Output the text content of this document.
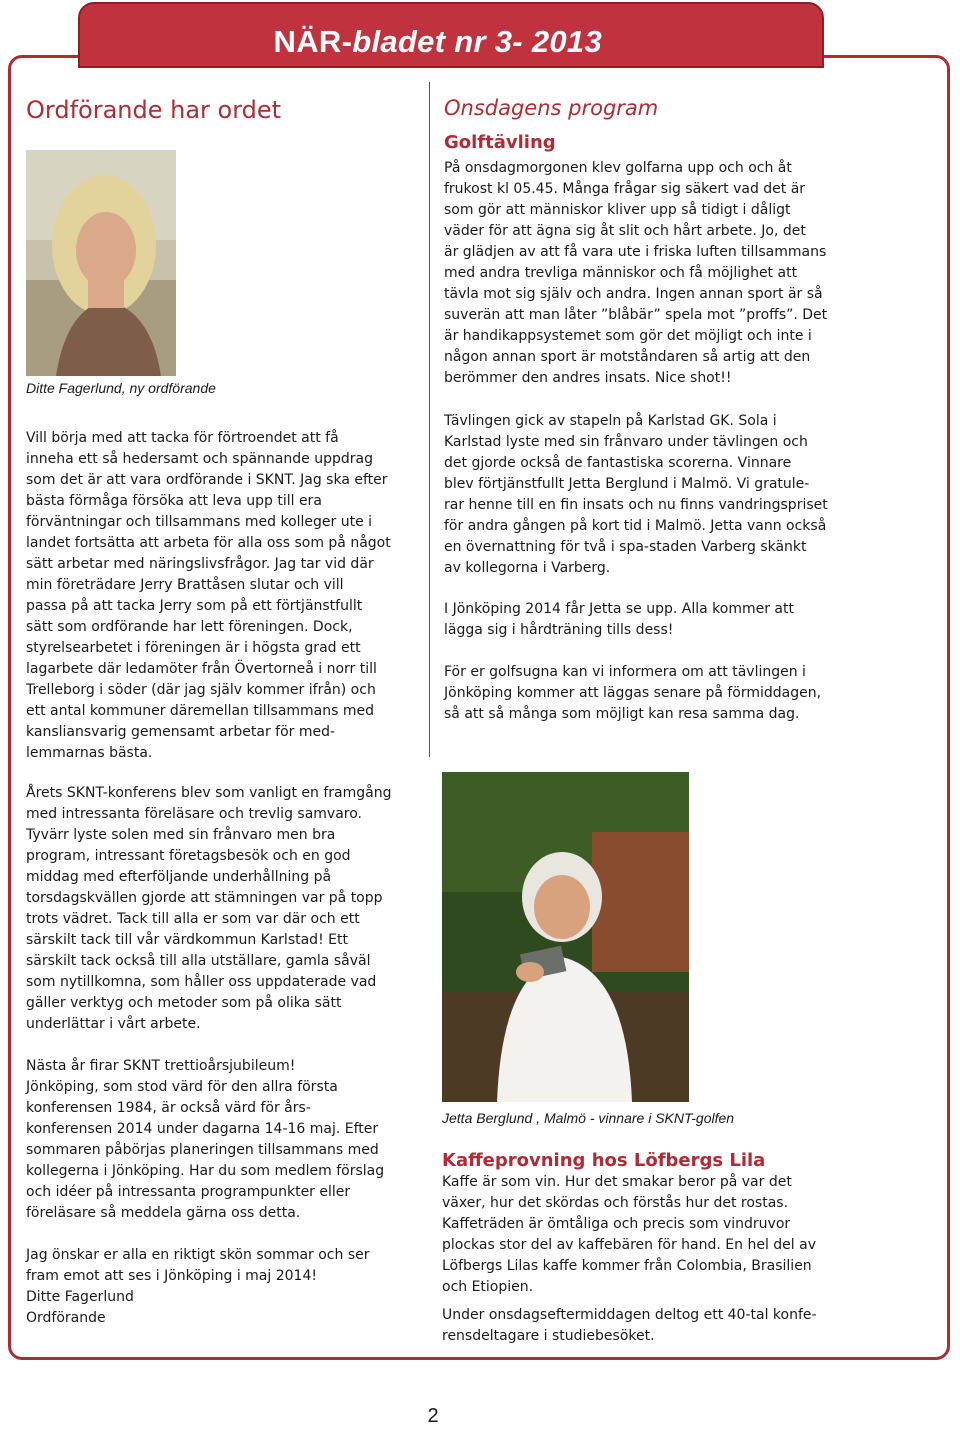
NÄR-bladet nr 3- 2013
Ordförande har ordet
Ditte Fagerlund, ny ordförande
Vill börja med att tacka för förtroendet att få
inneha ett så hedersamt och spännande uppdrag
som det är att vara ordförande i SKNT. Jag ska efter
bästa förmåga försöka att leva upp till era
förväntningar och tillsammans med kolleger ute i
landet fortsätta att arbeta för alla oss som på något
sätt arbetar med näringslivsfrågor. Jag tar vid där
min företrädare Jerry Brattåsen slutar och vill
passa på att tacka Jerry som på ett förtjänstfullt
sätt som ordförande har lett föreningen. Dock,
styrelsearbetet i föreningen är i högsta grad ett
lagarbete där ledamöter från Övertorneå i norr till
Trelleborg i söder (där jag själv kommer ifrån) och
ett antal kommuner däremellan tillsammans med
kansliansvarig gemensamt arbetar för med-
lemmarnas bästa.
Årets SKNT-konferens blev som vanligt en framgång
med intressanta föreläsare och trevlig samvaro.
Tyvärr lyste solen med sin frånvaro men bra
program, intressant företagsbesök och en god
middag med efterföljande underhållning på
torsdagskvällen gjorde att stämningen var på topp
trots vädret. Tack till alla er som var där och ett
särskilt tack till vår värdkommun Karlstad! Ett
särskilt tack också till alla utställare, gamla såväl
som nytillkomna, som håller oss uppdaterade vad
gäller verktyg och metoder som på olika sätt
underlättar i vårt arbete.
Nästa år firar SKNT trettioårsjubileum!
Jönköping, som stod värd för den allra första
konferensen 1984, är också värd för års-
konferensen 2014 under dagarna 14-16 maj. Efter
sommaren påbörjas planeringen tillsammans med
kollegerna i Jönköping. Har du som medlem förslag
och idéer på intressanta programpunkter eller
föreläsare så meddela gärna oss detta.
Jag önskar er alla en riktigt skön sommar och ser
fram emot att ses i Jönköping i maj 2014!
Ditte Fagerlund
Ordförande
Onsdagens program
Golftävling
På onsdagmorgonen klev golfarna upp och och åt
frukost kl 05.45. Många frågar sig säkert vad det är
som gör att människor kliver upp så tidigt i dåligt
väder för att ägna sig åt slit och hårt arbete. Jo, det
är glädjen av att få vara ute i friska luften tillsammans
med andra trevliga människor och få möjlighet att
tävla mot sig själv och andra. Ingen annan sport är så
suverän att man låter ”blåbär” spela mot ”proffs”. Det
är handikappsystemet som gör det möjligt och inte i
någon annan sport är motståndaren så artig att den
berömmer den andres insats. Nice shot!!
Tävlingen gick av stapeln på Karlstad GK. Sola i
Karlstad lyste med sin frånvaro under tävlingen och
det gjorde också de fantastiska scorerna. Vinnare
blev förtjänstfullt Jetta Berglund i Malmö. Vi gratule-
rar henne till en fin insats och nu finns vandringspriset
för andra gången på kort tid i Malmö. Jetta vann också
en övernattning för två i spa-staden Varberg skänkt
av kollegorna i Varberg.
I Jönköping 2014 får Jetta se upp. Alla kommer att
lägga sig i hårdträning tills dess!
För er golfsugna kan vi informera om att tävlingen i
Jönköping kommer att läggas senare på förmiddagen,
så att så många som möjligt kan resa samma dag.
Jetta Berglund , Malmö - vinnare i SKNT-golfen
Kaffeprovning hos Löfbergs Lila
Kaffe är som vin. Hur det smakar beror på var det
växer, hur det skördas och förstås hur det rostas.
Kaffeträden är ömtåliga och precis som vindruvor
plockas stor del av kaffebären för hand. En hel del av
Löfbergs Lilas kaffe kommer från Colombia, Brasilien
och Etiopien.
Under onsdagseftermiddagen deltog ett 40-tal konfe-
rensdeltagare i studiebesöket.
2
